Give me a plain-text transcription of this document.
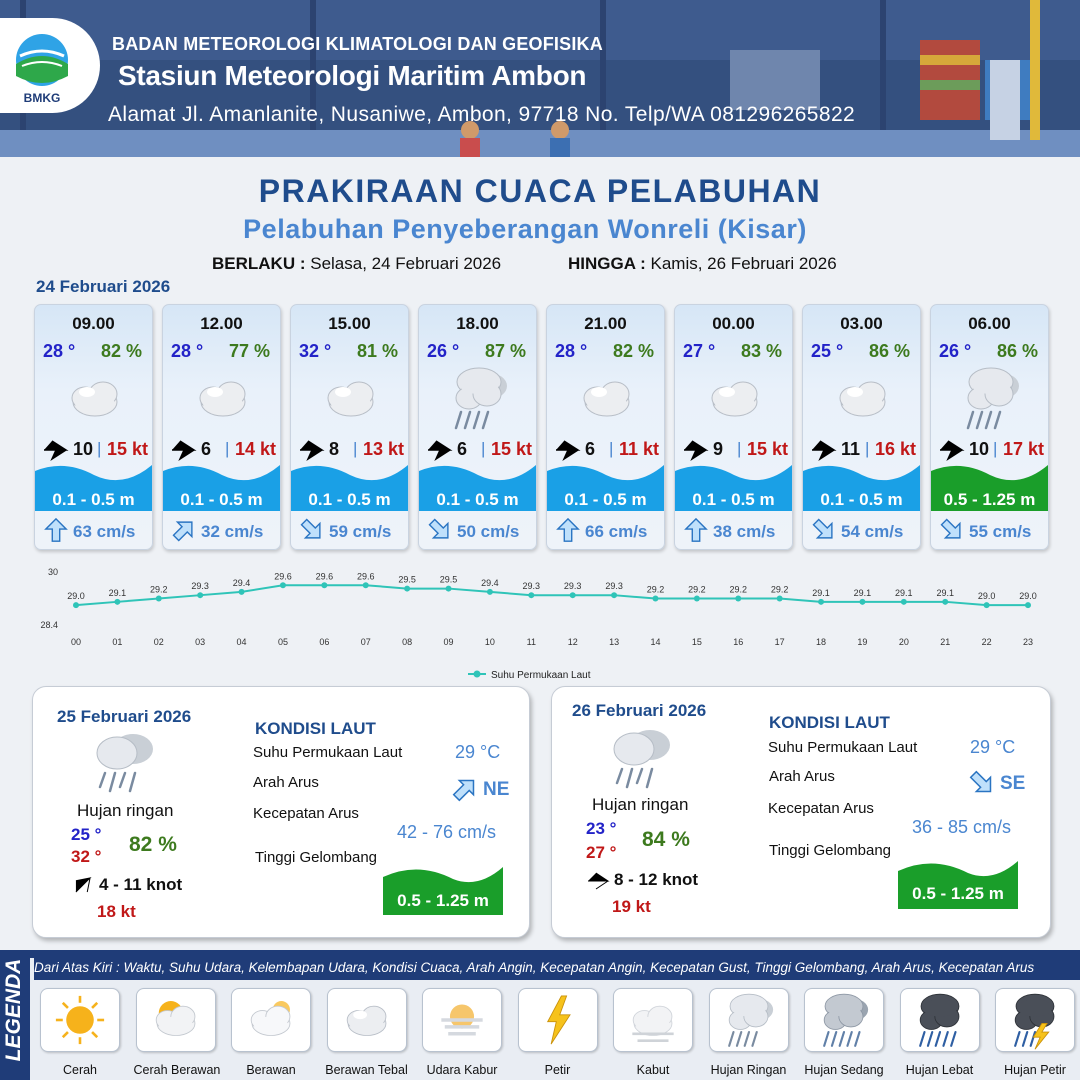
BMKG
BADAN METEOROLOGI KLIMATOLOGI DAN GEOFISIKA
Stasiun Meteorologi Maritim Ambon
Alamat Jl. Amanlanite, Nusaniwe, Ambon, 97718 No. Telp/WA 081296265822
PRAKIRAAN CUACA PELABUHAN
Pelabuhan Penyeberangan Wonreli (Kisar)
BERLAKU : Selasa, 24 Februari 2026	HINGGA : Kamis, 26 Februari 2026
24 Februari 2026
09.00
28 ° 82 %
10 | 15 kt
0.1 - 0.5 m
63 cm/s
12.00
28 ° 77 %
6 | 14 kt
0.1 - 0.5 m
32 cm/s
15.00
32 ° 81 %
8 | 13 kt
0.1 - 0.5 m
59 cm/s
18.00
26 ° 87 %
6 | 15 kt
0.1 - 0.5 m
50 cm/s
21.00
28 ° 82 %
6 | 11 kt
0.1 - 0.5 m
66 cm/s
00.00
27 ° 83 %
9 | 15 kt
0.1 - 0.5 m
38 cm/s
03.00
25 ° 86 %
11 | 16 kt
0.1 - 0.5 m
54 cm/s
06.00
26 ° 86 %
10 | 17 kt
0.5 - 1.25 m
55 cm/s
30
28.4
00	01	02	03	04	05	06	07	08	09	10	11	12	13	14	15	16	17	18	19	20	21	22	23
29.0	29.1	29.2	29.3	29.4
29.6	29.6	29.6	29.5	29.5	29.4	29.3	29.3	29.3	29.2	29.2	29.2	29.2	29.1	29.1	29.1	29.1	29.0	29.0
Suhu Permukaan Laut
25 Februari 2026
Hujan ringan
25 °
32 °
82 %
4 - 11 knot
18 kt
KONDISI LAUT
Suhu Permukaan Laut	29 °C
Arah Arus	NE
Kecepatan Arus
42 - 76 cm/s
Tinggi Gelombang
0.5 - 1.25 m
26 Februari 2026
Hujan ringan
23 °
27 °
84 %
8 - 12 knot
19 kt
KONDISI LAUT
Suhu Permukaan Laut	29 °C
Arah Arus	SE
Kecepatan Arus
36 - 85 cm/s
Tinggi Gelombang
0.5 - 1.25 m
LEGENDA Dari Atas Kiri : Waktu, Suhu Udara, Kelembapan Udara, Kondisi Cuaca, Arah Angin, Kecepatan Angin, Kecepatan Gust, Tinggi Gelombang, Arah Arus, Kecepatan Arus
Cerah	Cerah Berawan	Berawan	Berawan Tebal	Udara Kabur	Petir	Kabut	Hujan Ringan	Hujan Sedang	Hujan Lebat	Hujan Petir
